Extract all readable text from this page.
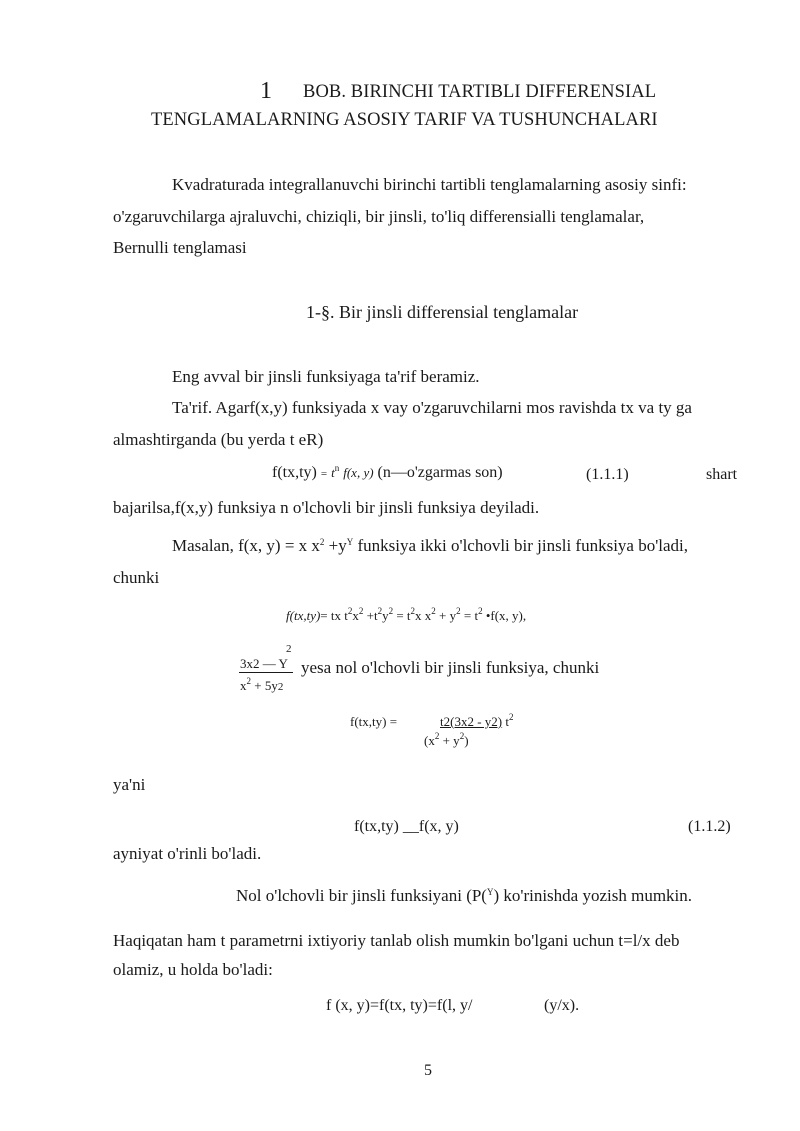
1 BOB. BIRINCHI TARTIBLI DIFFERENSIAL
TENGLAMALARNING ASOSIY TARIF VA TUSHUNCHALARI
Kvadraturada integrallanuvchi birinchi tartibli tenglamalarning asosiy sinfi:
o'zgaruvchilarga ajraluvchi, chiziqli, bir jinsli, to'liq differensialli tenglamalar,
Bernulli tenglamasi
1-§. Bir jinsli differensial tenglamalar
Eng avval bir jinsli funksiyaga ta'rif beramiz.
Ta'rif. Agarf(x,y) funksiyada x vay o'zgaruvchilarni mos ravishda tx va ty ga
almashtirganda (bu yerda t eR)
$f(tx,ty) = t^n$ f(x, y) (n—o'zgarmas son)	(1.1.1)	shart
bajarilsa,f(x,y) funksiya n o'lchovli bir jinsli funksiya deyiladi.
Masalan, f(x, y) = x $x^2 +y^Y$ funksiya ikki o'lchovli bir jinsli funksiya bo'ladi,
chunki
f(tx,ty)= tx $t^2x^2 +t^2y^2 = t^2x$ $x^2 + y^2 = t^2$ •f(x, y),
2
3x2 — Y
$x^2 + 5y2$
yesa nol o'lchovli bir jinsli funksiya, chunki
f(tx,ty) =	t2(3x2 - y2) $t^2$
$(x^2 + y^2)$
ya'ni
f(tx,ty) __f(x, y)	(1.1.2)
ayniyat o'rinli bo'ladi.
Nol o'lchovli bir jinsli funksiyani (P($^Y$) ko'rinishda yozish mumkin.
Haqiqatan ham t parametrni ixtiyoriy tanlab olish mumkin bo'lgani uchun t=l/x deb
olamiz, u holda bo'ladi:
f (x, y)=f(tx, ty)=f(l, y/	(y/x).
5
